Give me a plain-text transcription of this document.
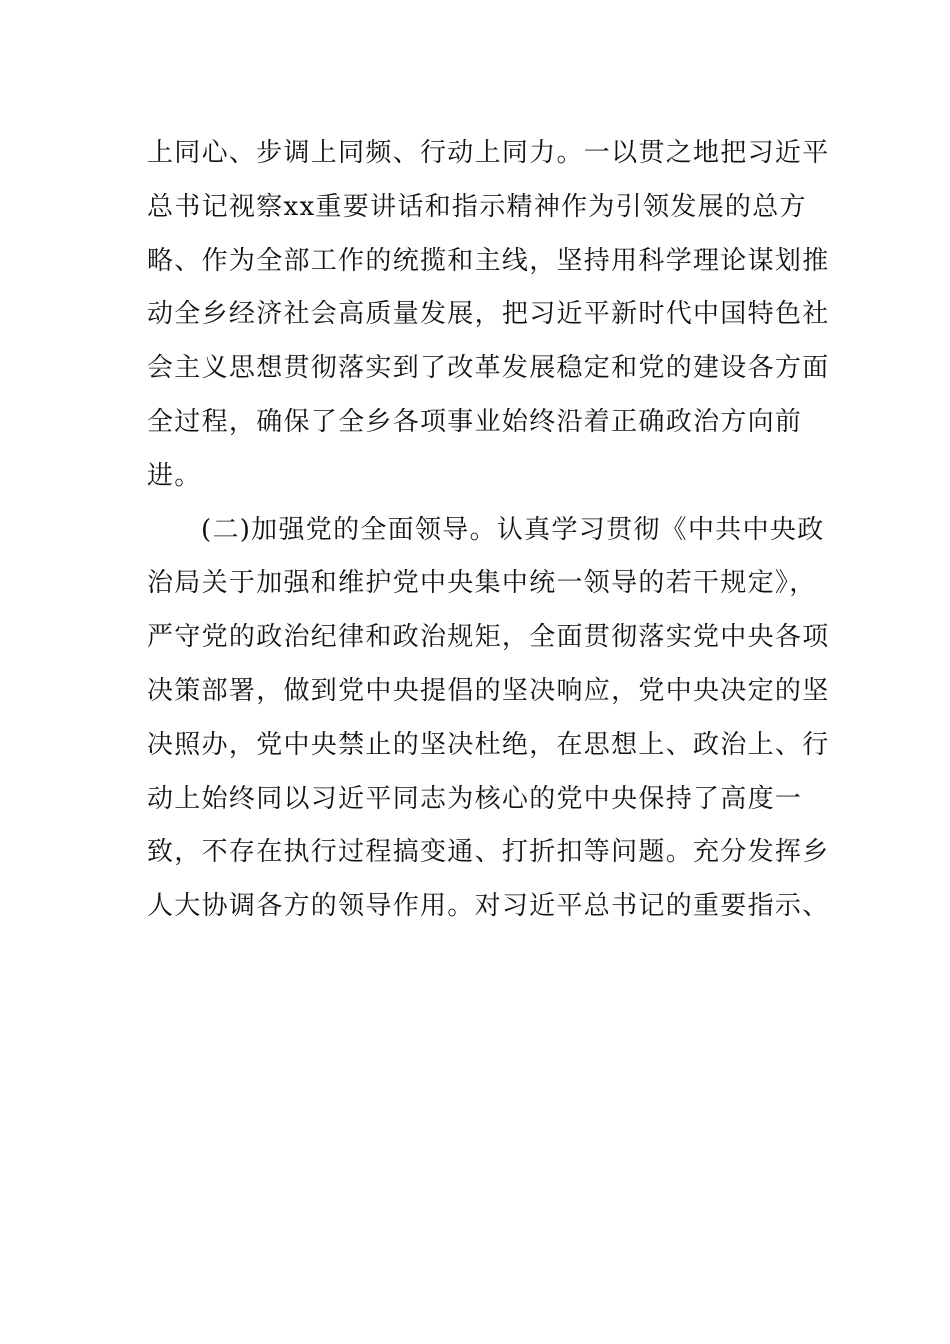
上同心、步调上同频、行动上同力。一以贯之地把习近平
总书记视察xx重要讲话和指示精神作为引领发展的总方
略、作为全部工作的统揽和主线，坚持用科学理论谋划推
动全乡经济社会高质量发展，把习近平新时代中国特色社
会主义思想贯彻落实到了改革发展稳定和党的建设各方面
全过程，确保了全乡各项事业始终沿着正确政治方向前
进。
(二)加强党的全面领导。认真学习贯彻《中共中央政
治局关于加强和维护党中央集中统一领导的若干规定》，
严守党的政治纪律和政治规矩，全面贯彻落实党中央各项
决策部署，做到党中央提倡的坚决响应，党中央决定的坚
决照办，党中央禁止的坚决杜绝，在思想上、政治上、行
动上始终同以习近平同志为核心的党中央保持了高度一
致，不存在执行过程搞变通、打折扣等问题。充分发挥乡
人大协调各方的领导作用。对习近平总书记的重要指示、
